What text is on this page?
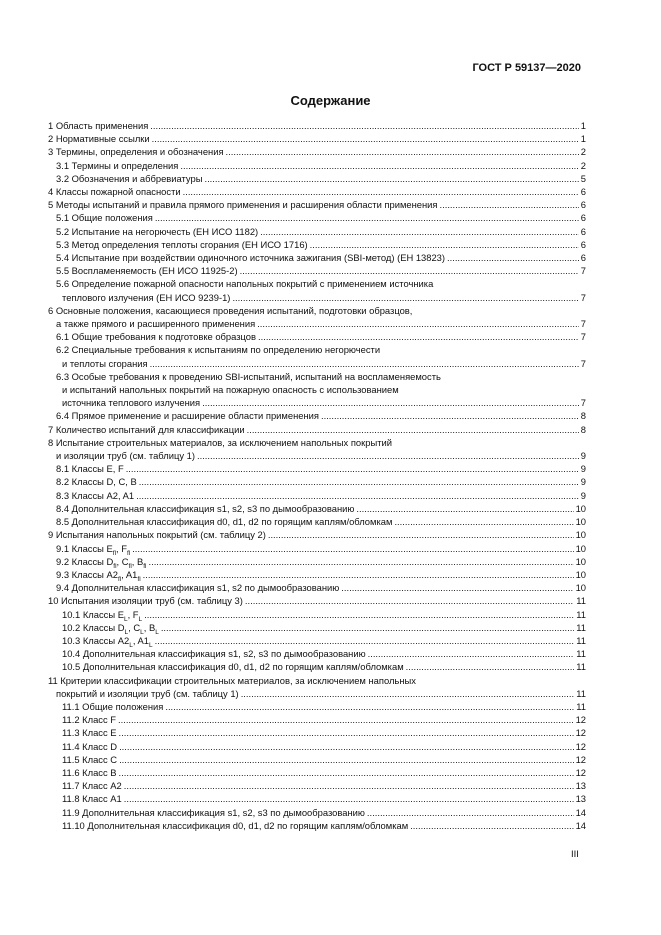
ГОСТ Р 59137—2020
Содержание
1 Область применения .....	1
2 Нормативные ссылки .....	1
3 Термины, определения и обозначения .....	2
3.1 Термины и определения .....	2
3.2 Обозначения и аббревиатуры .....	5
4 Классы пожарной опасности .....	6
5 Методы испытаний и правила прямого применения и расширения области применения .....	6
5.1 Общие положения .....	6
5.2 Испытание на негорючесть (ЕН ИСО 1182) .....	6
5.3 Метод определения теплоты сгорания (ЕН ИСО 1716) .....	6
5.4 Испытание при воздействии одиночного источника зажигания (SBI-метод) (ЕН 13823) .....	6
5.5 Воспламеняемость (ЕН ИСО 11925-2) .....	7
5.6 Определение пожарной опасности напольных покрытий с применением источника
теплового излучения (ЕН ИСО 9239-1) .....	7
6 Основные положения, касающиеся проведения испытаний, подготовки образцов,
а также прямого и расширенного применения .....	7
6.1 Общие требования к подготовке образцов .....	7
6.2 Специальные требования к испытаниям по определению негорючести
и теплоты сгорания .....	7
6.3 Особые требования к проведению SBI-испытаний, испытаний на воспламеняемость
и испытаний напольных покрытий на пожарную опасность с использованием
источника теплового излучения .....	7
6.4 Прямое применение и расширение области применения .....	8
7 Количество испытаний для классификации .....	8
8 Испытание строительных материалов, за исключением напольных покрытий
и изоляции труб (см. таблицу 1) .....	9
8.1 Классы E, F .....	9
8.2 Классы D, C, B .....	9
8.3 Классы A2, A1 .....	9
8.4 Дополнительная классификация s1, s2, s3 по дымообразованию .....	10
8.5 Дополнительная классификация d0, d1, d2 по горящим каплям/обломкам .....	10
9 Испытания напольных покрытий (см. таблицу 2) .....	10
9.1 Классы $E_{fl}$, $F_{fl}$ .....	10
9.2 Классы $D_{fl}$, $C_{fl}$, $B_{fl}$ .....	10
9.3 Классы $A2_{fl}$, $A1_{fl}$ .....	10
9.4 Дополнительная классификация s1, s2 по дымообразованию .....	10
10 Испытания изоляции труб (см. таблицу 3) .....	11
10.1 Классы $E_L$, $F_L$ .....	11
10.2 Классы $D_L$, $C_L$, $B_L$ .....	11
10.3 Классы $A2_L$, $A1_L$ .....	11
10.4 Дополнительная классификация s1, s2, s3 по дымообразованию .....	11
10.5 Дополнительная классификация d0, d1, d2 по горящим каплям/обломкам .....	11
11 Критерии классификации строительных материалов, за исключением напольных
покрытий и изоляции труб (см. таблицу 1) .....	11
11.1 Общие положения .....	11
11.2 Класс F .....	12
11.3 Класс E .....	12
11.4 Класс D .....	12
11.5 Класс C .....	12
11.6 Класс B .....	12
11.7 Класс A2 .....	13
11.8 Класс A1 .....	13
11.9 Дополнительная классификация s1, s2, s3 по дымообразованию .....	14
11.10 Дополнительная классификация d0, d1, d2 по горящим каплям/обломкам .....	14
III
